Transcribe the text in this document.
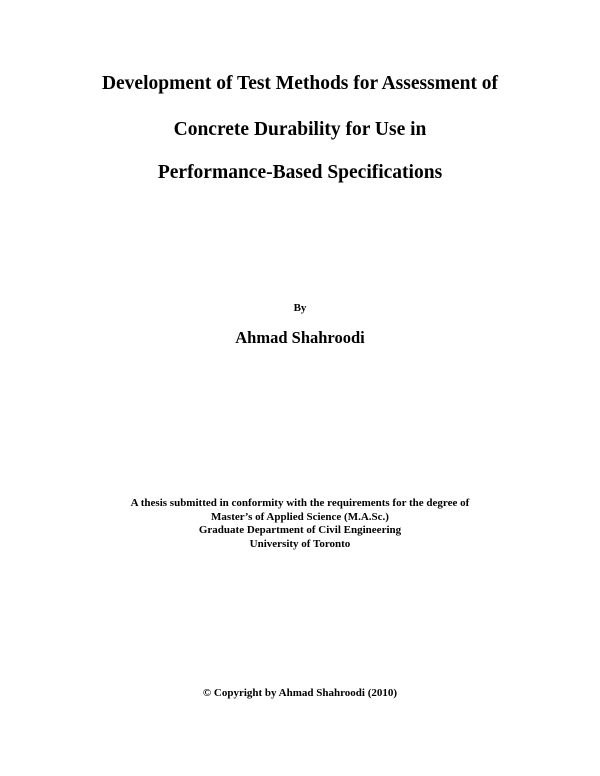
Development of Test Methods for Assessment of
Concrete Durability for Use in
Performance-Based Specifications
By
Ahmad Shahroodi
A thesis submitted in conformity with the requirements for the degree of
Master’s of Applied Science (M.A.Sc.)
Graduate Department of Civil Engineering
University of Toronto
© Copyright by Ahmad Shahroodi (2010)
